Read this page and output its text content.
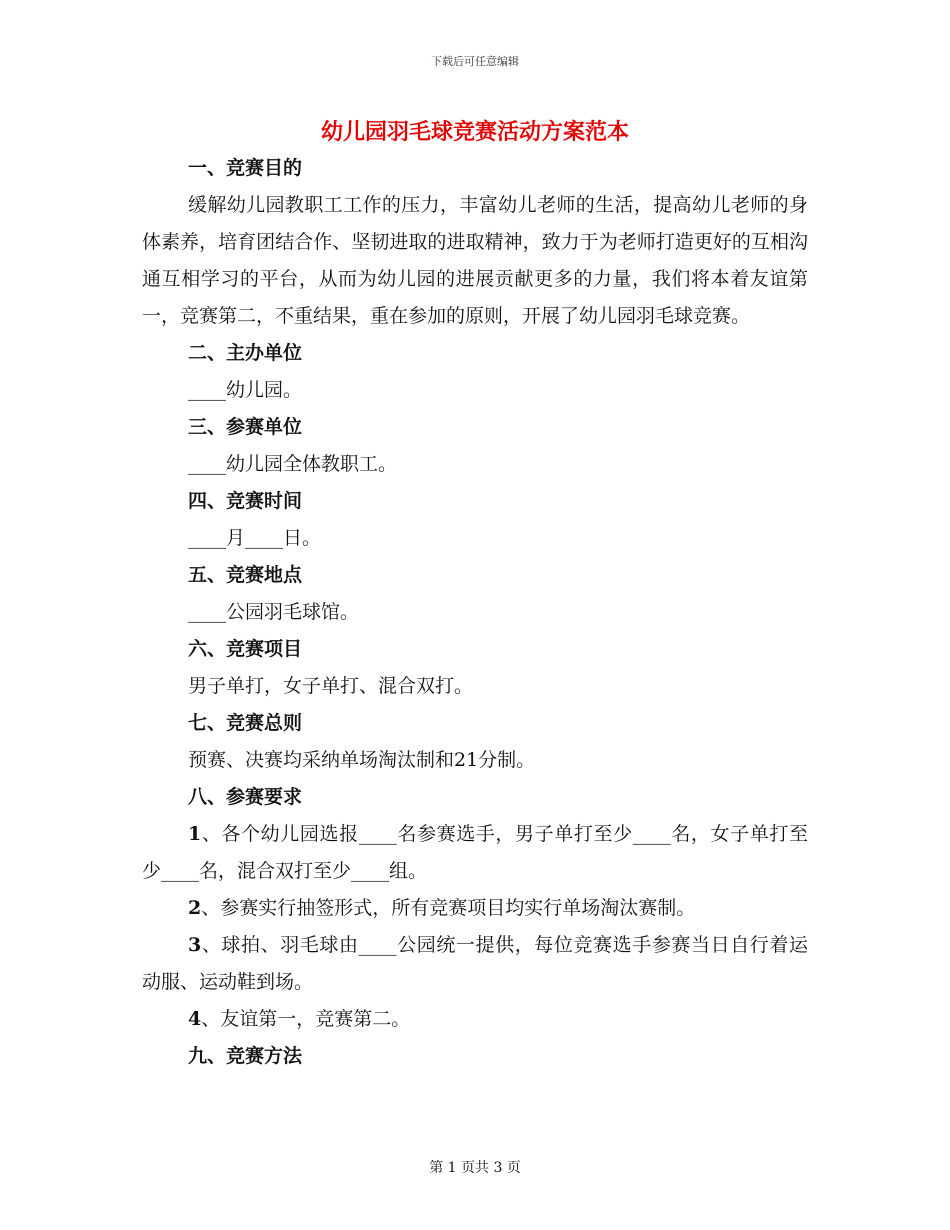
下载后可任意编辑
幼儿园羽毛球竞赛活动方案范本
一、竞赛目的

缓解幼儿园教职工工作的压力，丰富幼儿老师的生活，提高幼儿老师的身体素养，培育团结合作、坚韧进取的进取精神，致力于为老师打造更好的互相沟通互相学习的平台，从而为幼儿园的进展贡献更多的力量，我们将本着友谊第一，竞赛第二，不重结果，重在参加的原则，开展了幼儿园羽毛球竞赛。

二、主办单位
____幼儿园。
三、参赛单位
____幼儿园全体教职工。
四、竞赛时间
____月____日。
五、竞赛地点
____公园羽毛球馆。
六、竞赛项目
男子单打，女子单打、混合双打。
七、竞赛总则
预赛、决赛均采纳单场淘汰制和21分制。
八、参赛要求

1、各个幼儿园选报____名参赛选手，男子单打至少____名，女子单打至少____名，混合双打至少____组。

2、参赛实行抽签形式，所有竞赛项目均实行单场淘汰赛制。

3、球拍、羽毛球由____公园统一提供，每位竞赛选手参赛当日自行着运动服、运动鞋到场。

4、友谊第一，竞赛第二。

九、竞赛方法
第 1 页共 3 页
